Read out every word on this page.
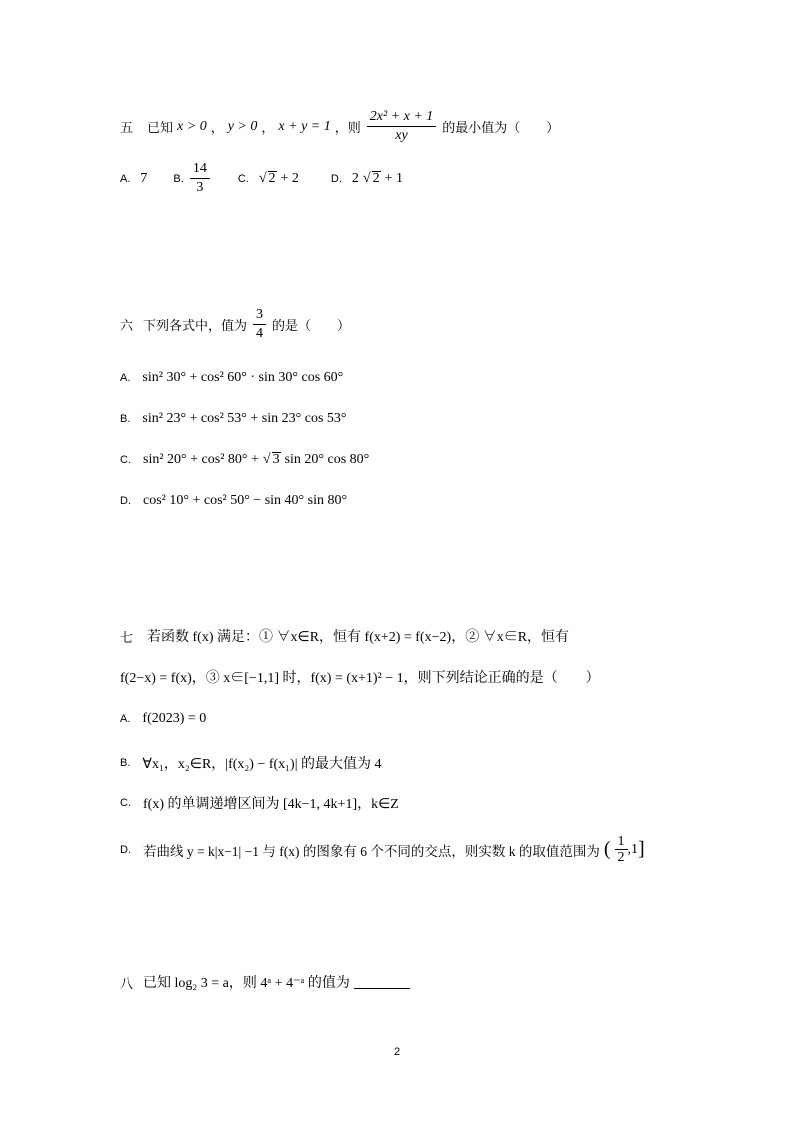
五 已知 x > 0 ， y > 0 ， x + y = 1 ，则 $\frac{\text{2x² + x + 1}}{xy}$ 的最小值为（　　）
A. 7 B. $\frac{14}{3}$	C. √ 2 + 2	D. 2 √ 2 + 1
六 下列各式中，值为 $\frac{3}{4}$ 的是（　　）
A. sin² 30° + cos² 60° · sin 30° cos 60°
B. sin² 23° + cos² 53° + sin 23° cos 53°
C. sin² 20° + cos² 80° + √ 3 sin 20° cos 80°
D. cos² 10° + cos² 50° − sin 40° sin 80°
七 若函数 f(x) 满足：① ∀x∈R，恒有 f(x+2) = f(x−2)，② ∀x∈R，恒有
f(2−x) = f(x)，③ x∈[−1,1] 时，f(x) = (x+1)² − 1，则下列结论正确的是（　　）
A. f(2023) = 0
B. ∀x₁，x₂∈R，|f(x₂) − f(x₁)| 的最大值为 4
C. f(x) 的单调递增区间为 [4k−1, 4k+1]，k∈Z
D. 若曲线 y = k|x−1| −1 与 f(x) 的图象有 6 个不同的交点，则实数 k 的取值范围为 ( $\frac{1}{2} ,1$ ]
八 已知 log₂ 3 = a，则 4ᵃ + 4⁻ᵃ 的值为
2
